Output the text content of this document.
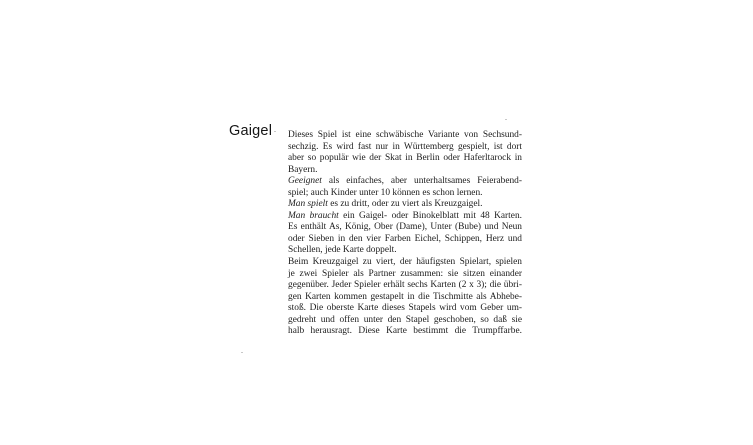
Gaigel Dieses Spiel ist eine schwäbische Variante von Sechsund-
sechzig. Es wird fast nur in Württemberg gespielt, ist dort
aber so populär wie der Skat in Berlin oder Haferltarock in
Bayern.
Geeignet als einfaches, aber unterhaltsames Feierabend-
spiel; auch Kinder unter 10 können es schon lernen.
Man spielt es zu dritt, oder zu viert als Kreuzgaigel.
Man braucht ein Gaigel- oder Binokelblatt mit 48 Karten.
Es enthält As, König, Ober (Dame), Unter (Bube) und Neun
oder Sieben in den vier Farben Eichel, Schippen, Herz und
Schellen, jede Karte doppelt.
Beim Kreuzgaigel zu viert, der häufigsten Spielart, spielen
je zwei Spieler als Partner zusammen: sie sitzen einander
gegenüber. Jeder Spieler erhält sechs Karten (2 x 3); die übri-
gen Karten kommen gestapelt in die Tischmitte als Abhebe-
stoß. Die oberste Karte dieses Stapels wird vom Geber um-
gedreht und offen unter den Stapel geschoben, so daß sie
halb herausragt. Diese Karte bestimmt die Trumpffarbe.
